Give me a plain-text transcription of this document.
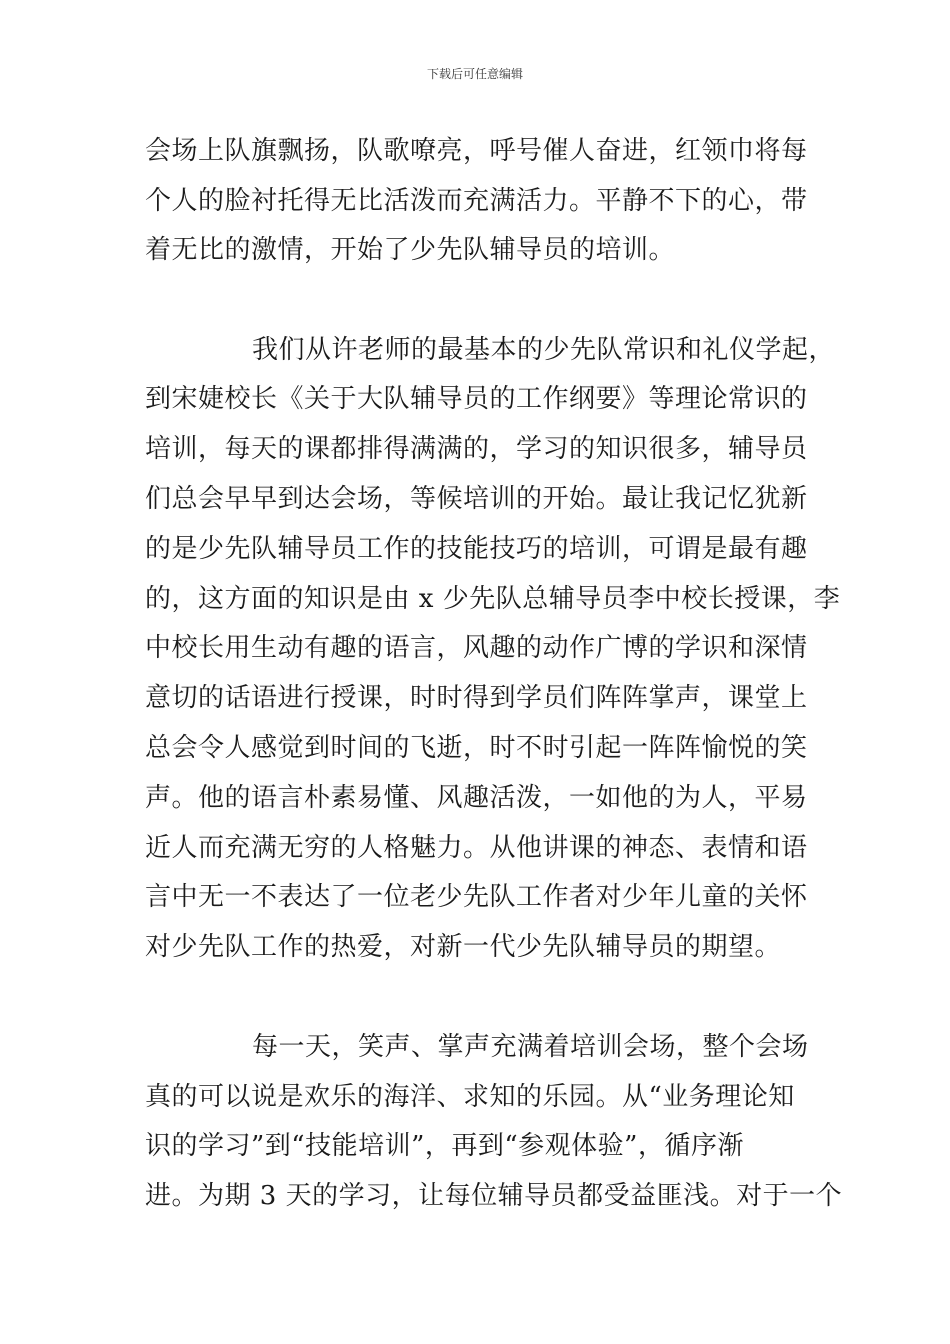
下载后可任意编辑
会场上队旗飘扬，队歌嘹亮，呼号催人奋进，红领巾将每
个人的脸衬托得无比活泼而充满活力。平静不下的心，带
着无比的激情，开始了少先队辅导员的培训。
我们从许老师的最基本的少先队常识和礼仪学起，
到宋婕校长《关于大队辅导员的工作纲要》等理论常识的
培训，每天的课都排得满满的，学习的知识很多，辅导员
们总会早早到达会场，等候培训的开始。最让我记忆犹新
的是少先队辅导员工作的技能技巧的培训，可谓是最有趣
的，这方面的知识是由 x 少先队总辅导员李中校长授课，李
中校长用生动有趣的语言，风趣的动作广博的学识和深情
意切的话语进行授课，时时得到学员们阵阵掌声，课堂上
总会令人感觉到时间的飞逝，时不时引起一阵阵愉悦的笑
声。他的语言朴素易懂、风趣活泼，一如他的为人，平易
近人而充满无穷的人格魅力。从他讲课的神态、表情和语
言中无一不表达了一位老少先队工作者对少年儿童的关怀
对少先队工作的热爱，对新一代少先队辅导员的期望。
每一天，笑声、掌声充满着培训会场，整个会场
真的可以说是欢乐的海洋、求知的乐园。从“业务理论知
识的学习”到“技能培训”，再到“参观体验”，循序渐
进。为期 3 天的学习，让每位辅导员都受益匪浅。对于一个
